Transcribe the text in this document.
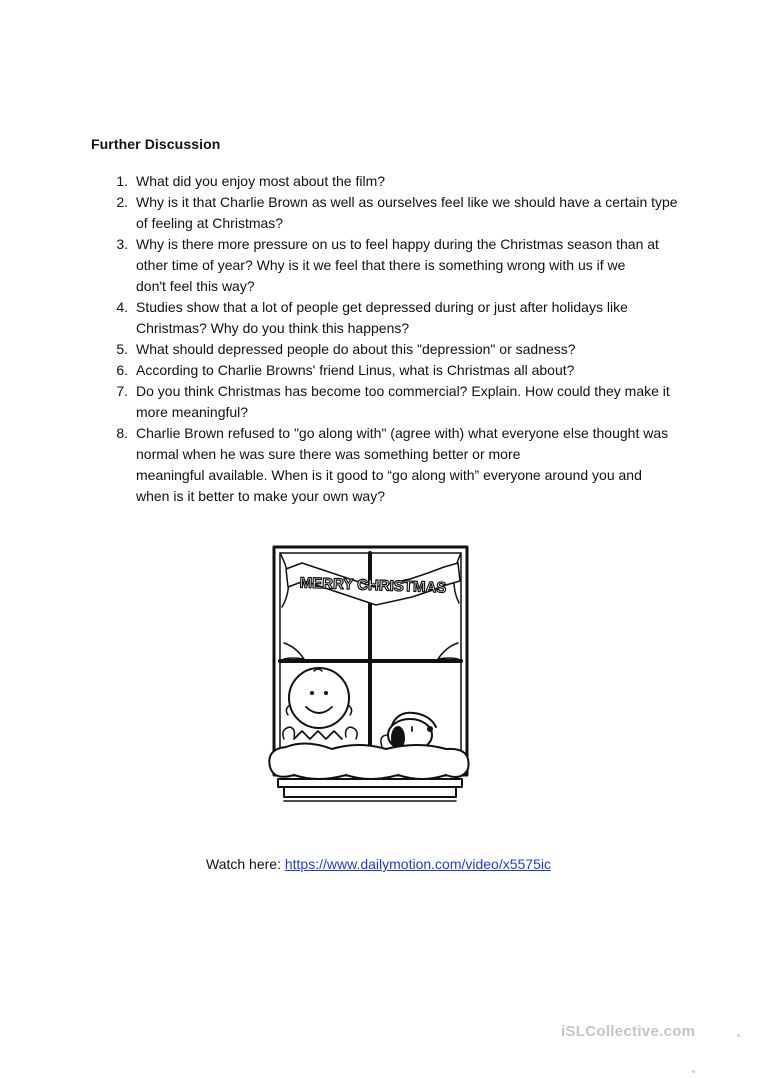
Further Discussion
1. What did you enjoy most about the film?
2. Why is it that Charlie Brown as well as ourselves feel like we should have a certain type
of feeling at Christmas?
3. Why is there more pressure on us to feel happy during the Christmas season than at
other time of year? Why is it we feel that there is something wrong with us if we
don't feel this way?
4. Studies show that a lot of people get depressed during or just after holidays like
Christmas? Why do you think this happens?
5. What should depressed people do about this "depression" or sadness?
6. According to Charlie Browns' friend Linus, what is Christmas all about?
7. Do you think Christmas has become too commercial? Explain. How could they make it
more meaningful?
8. Charlie Brown refused to "go along with" (agree with) what everyone else thought was
normal when he was sure there was something better or more
meaningful available. When is it good to “go along with” everyone around you and
when is it better to make your own way?
MERRY CHRISTMAS
Watch here: https://www.dailymotion.com/video/x5575ic
iSLCollective.com
